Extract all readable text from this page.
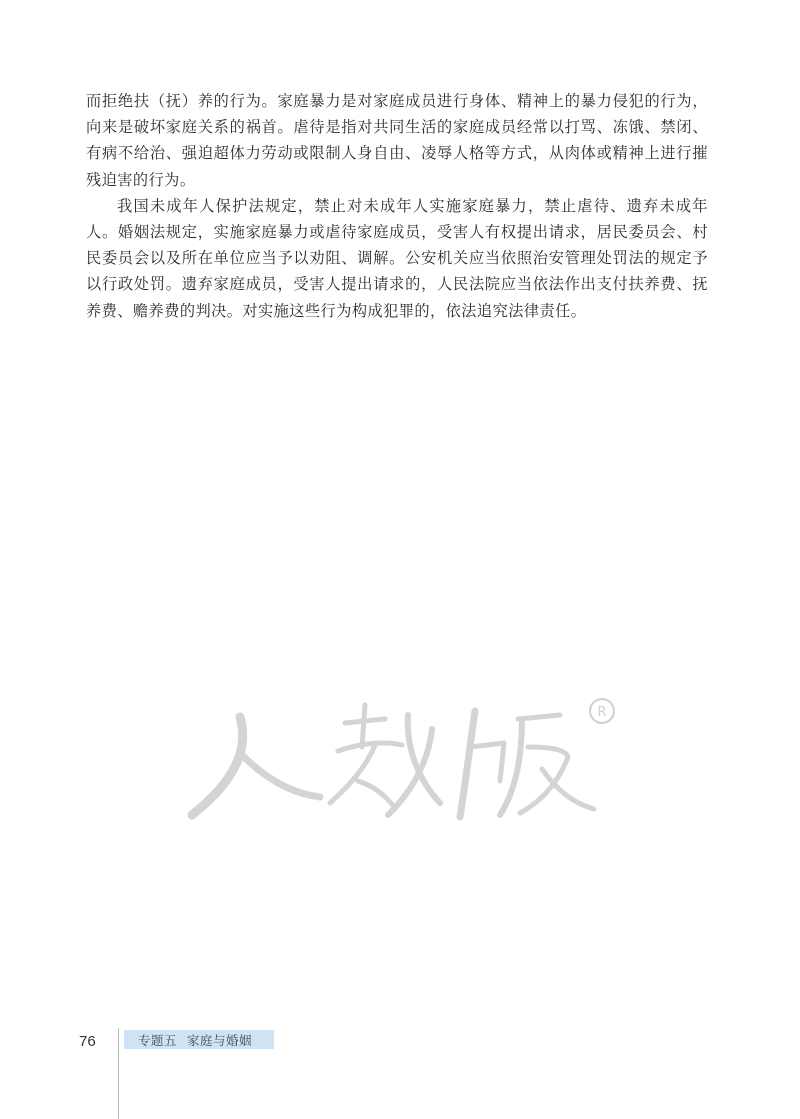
而拒绝扶（抚）养的行为。家庭暴力是对家庭成员进行身体、精神上的暴力侵犯的行为，向来是破坏家庭关系的祸首。虐待是指对共同生活的家庭成员经常以打骂、冻饿、禁闭、有病不给治、强迫超体力劳动或限制人身自由、凌辱人格等方式，从肉体或精神上进行摧残迫害的行为。

我国未成年人保护法规定，禁止对未成年人实施家庭暴力，禁止虐待、遗弃未成年人。婚姻法规定，实施家庭暴力或虐待家庭成员，受害人有权提出请求，居民委员会、村民委员会以及所在单位应当予以劝阻、调解。公安机关应当依照治安管理处罚法的规定予以行政处罚。遗弃家庭成员，受害人提出请求的，人民法院应当依法作出支付扶养费、抚养费、赡养费的判决。对实施这些行为构成犯罪的，依法追究法律责任。

R
76	专题五 家庭与婚姻
